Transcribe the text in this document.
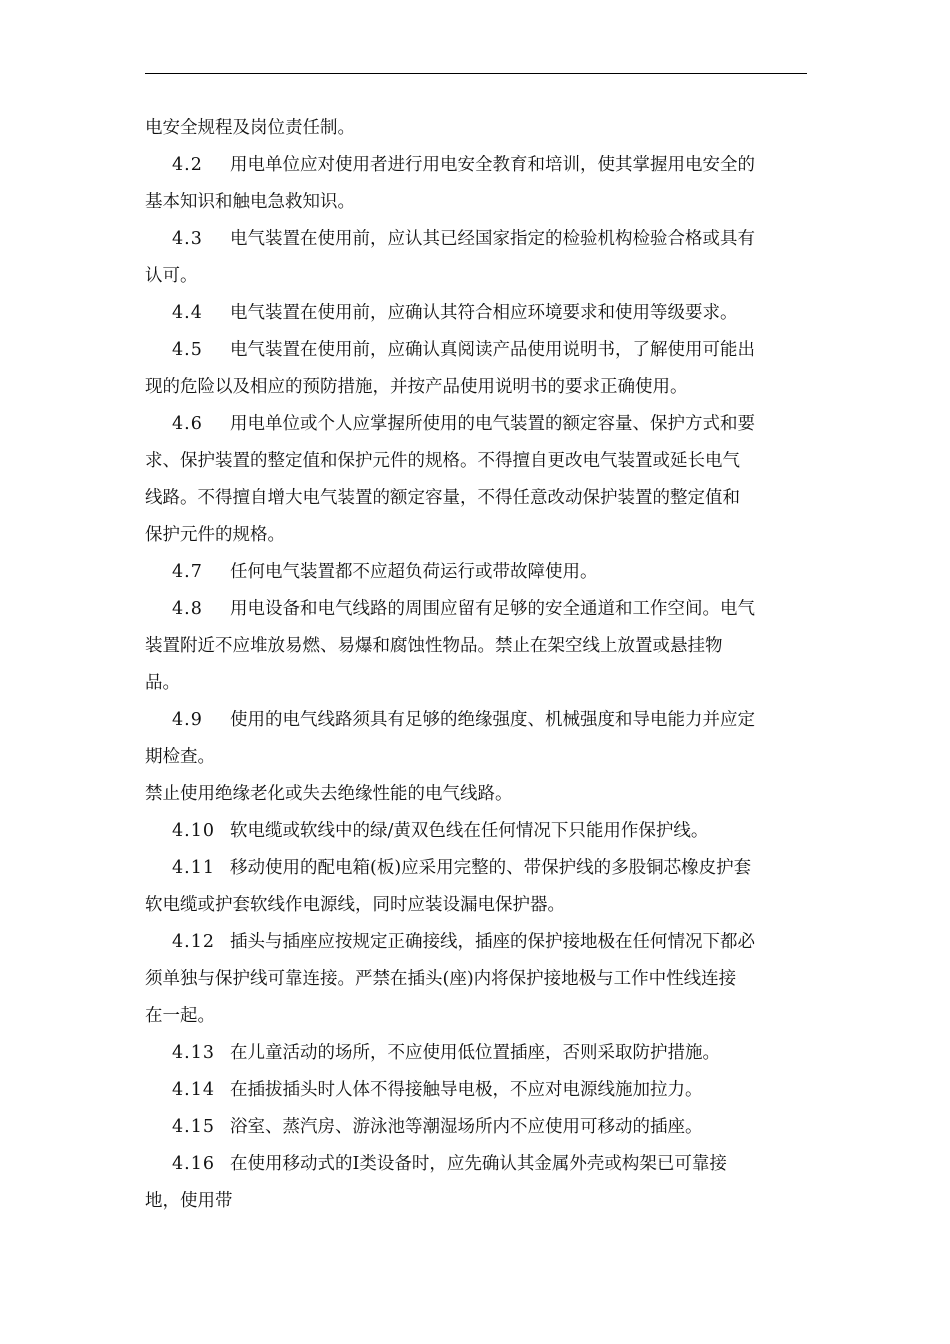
电安全规程及岗位责任制。
4.2 用电单位应对使用者进行用电安全教育和培训，使其掌握用电安全的
基本知识和触电急救知识。
4.3 电气装置在使用前，应认其已经国家指定的检验机构检验合格或具有
认可。
4.4 电气装置在使用前，应确认其符合相应环境要求和使用等级要求。
4.5 电气装置在使用前，应确认真阅读产品使用说明书，了解使用可能出
现的危险以及相应的预防措施，并按产品使用说明书的要求正确使用。
4.6 用电单位或个人应掌握所使用的电气装置的额定容量、保护方式和要
求、保护装置的整定值和保护元件的规格。不得擅自更改电气装置或延长电气
线路。不得擅自增大电气装置的额定容量，不得任意改动保护装置的整定值和
保护元件的规格。
4.7 任何电气装置都不应超负荷运行或带故障使用。
4.8 用电设备和电气线路的周围应留有足够的安全通道和工作空间。电气
装置附近不应堆放易燃、易爆和腐蚀性物品。禁止在架空线上放置或悬挂物
品。
4.9 使用的电气线路须具有足够的绝缘强度、机械强度和导电能力并应定
期检查。
禁止使用绝缘老化或失去绝缘性能的电气线路。
4.10 软电缆或软线中的绿/黄双色线在任何情况下只能用作保护线。
4.11 移动使用的配电箱(板)应采用完整的、带保护线的多股铜芯橡皮护套
软电缆或护套软线作电源线，同时应装设漏电保护器。
4.12 插头与插座应按规定正确接线，插座的保护接地极在任何情况下都必
须单独与保护线可靠连接。严禁在插头(座)内将保护接地极与工作中性线连接
在一起。
4.13 在儿童活动的场所，不应使用低位置插座，否则采取防护措施。
4.14 在插拔插头时人体不得接触导电极，不应对电源线施加拉力。
4.15 浴室、蒸汽房、游泳池等潮湿场所内不应使用可移动的插座。
4.16 在使用移动式的Ⅰ类设备时，应先确认其金属外壳或构架已可靠接
地，使用带
